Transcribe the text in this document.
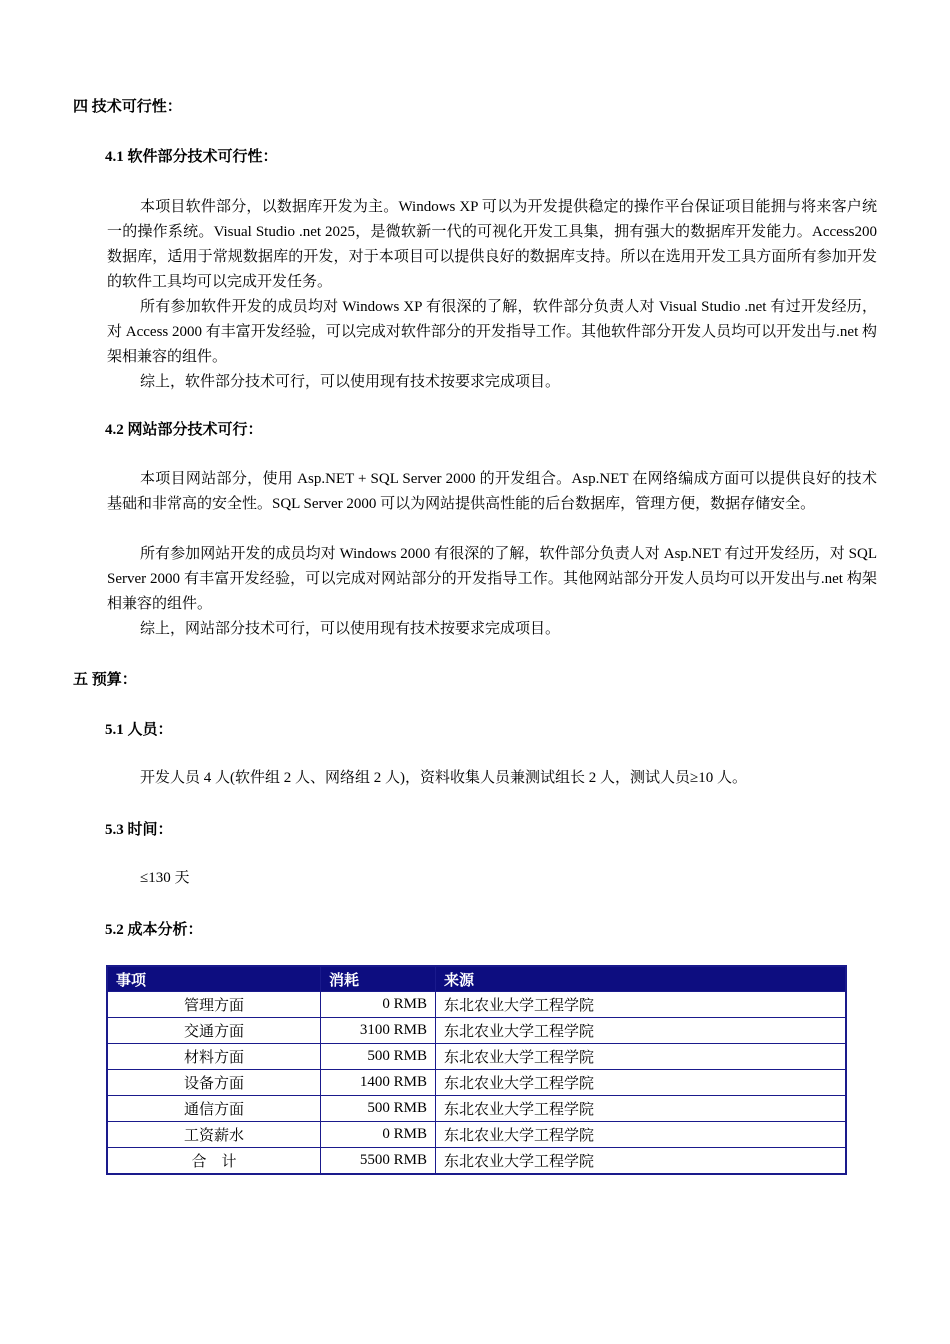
四 技术可行性：
4.1 软件部分技术可行性：

本项目软件部分，以数据库开发为主。Windows XP 可以为开发提供稳定的操作平台保证项目能拥与将来客户统一的操作系统。Visual Studio .net 2025，是微软新一代的可视化开发工具集，拥有强大的数据库开发能力。Access200 数据库，适用于常规数据库的开发，对于本项目可以提供良好的数据库支持。所以在选用开发工具方面所有参加开发的软件工具均可以完成开发任务。

所有参加软件开发的成员均对 Windows XP 有很深的了解，软件部分负责人对 Visual Studio .net 有过开发经历，对 Access 2000 有丰富开发经验，可以完成对软件部分的开发指导工作。其他软件部分开发人员均可以开发出与.net 构架相兼容的组件。

综上，软件部分技术可行，可以使用现有技术按要求完成项目。

4.2 网站部分技术可行：

本项目网站部分，使用 Asp.NET + SQL Server 2000 的开发组合。Asp.NET 在网络编成方面可以提供良好的技术基础和非常高的安全性。SQL Server 2000 可以为网站提供高性能的后台数据库，管理方便，数据存储安全。

所有参加网站开发的成员均对 Windows 2000 有很深的了解，软件部分负责人对 Asp.NET 有过开发经历，对 SQL Server 2000 有丰富开发经验，可以完成对网站部分的开发指导工作。其他网站部分开发人员均可以开发出与.net 构架相兼容的组件。

综上，网站部分技术可行，可以使用现有技术按要求完成项目。

五 预算：
5.1 人员：

开发人员 4 人(软件组 2 人、网络组 2 人)，资料收集人员兼测试组长 2 人，测试人员≥10 人。

5.3 时间：

≤130 天

5.2 成本分析：
事项	消耗	来源
管理方面	0 RMB	东北农业大学工程学院
交通方面	3100 RMB	东北农业大学工程学院
材料方面	500 RMB	东北农业大学工程学院
设备方面	1400 RMB	东北农业大学工程学院
通信方面	500 RMB	东北农业大学工程学院
工资薪水	0 RMB	东北农业大学工程学院
合　计	5500 RMB	东北农业大学工程学院
